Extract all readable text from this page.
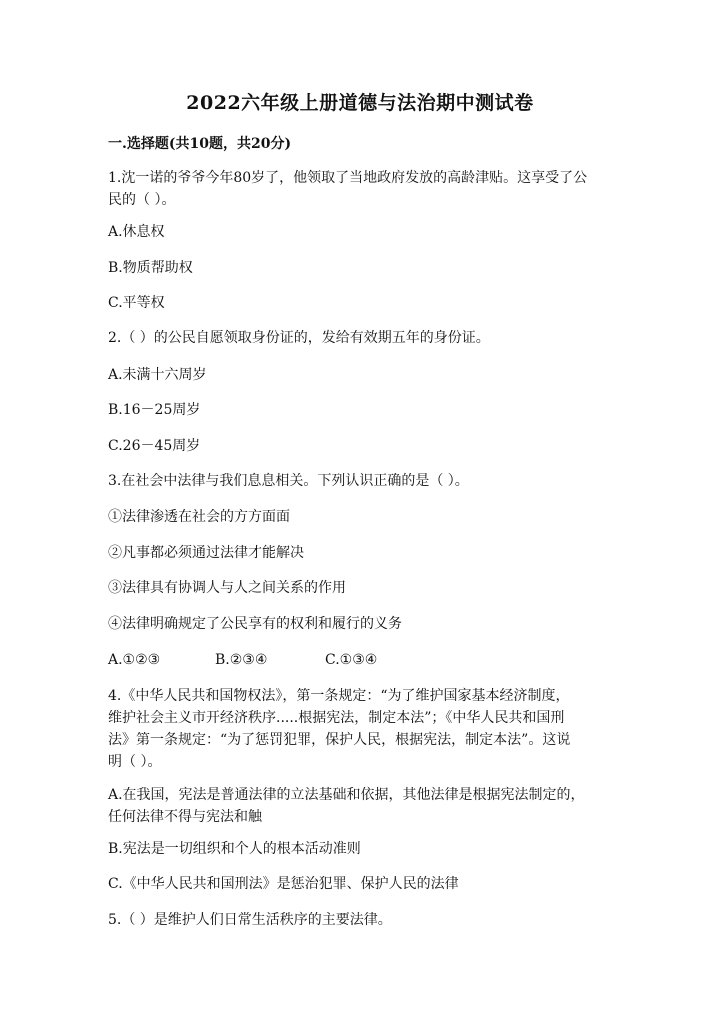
2022六年级上册道德与法治期中测试卷
一.选择题(共10题，共20分)
1.沈一诺的爷爷今年80岁了，他领取了当地政府发放的高龄津贴。这享受了公
民的（ ）。
A.休息权
B.物质帮助权
C.平等权
2.（ ）的公民自愿领取身份证的，发给有效期五年的身份证。
A.未满十六周岁
B.16－25周岁
C.26－45周岁
3.在社会中法律与我们息息相关。下列认识正确的是（ ）。
①法律渗透在社会的方方面面
②凡事都必须通过法律才能解决
③法律具有协调人与人之间关系的作用
④法律明确规定了公民享有的权利和履行的义务
A.①②③	B.②③④	C.①③④
4.《中华人民共和国物权法》，第一条规定：“为了维护国家基本经济制度，
维护社会主义市开经济秩序.....根据宪法，制定本法”；《中华人民共和国刑
法》第一条规定：“为了惩罚犯罪，保护人民，根据宪法，制定本法”。这说
明（ ）。
A.在我国，宪法是普通法律的立法基础和依据，其他法律是根据宪法制定的，
任何法律不得与宪法和触
B.宪法是一切组织和个人的根本活动准则
C.《中华人民共和国刑法》是惩治犯罪、保护人民的法律
5.（ ）是维护人们日常生活秩序的主要法律。
